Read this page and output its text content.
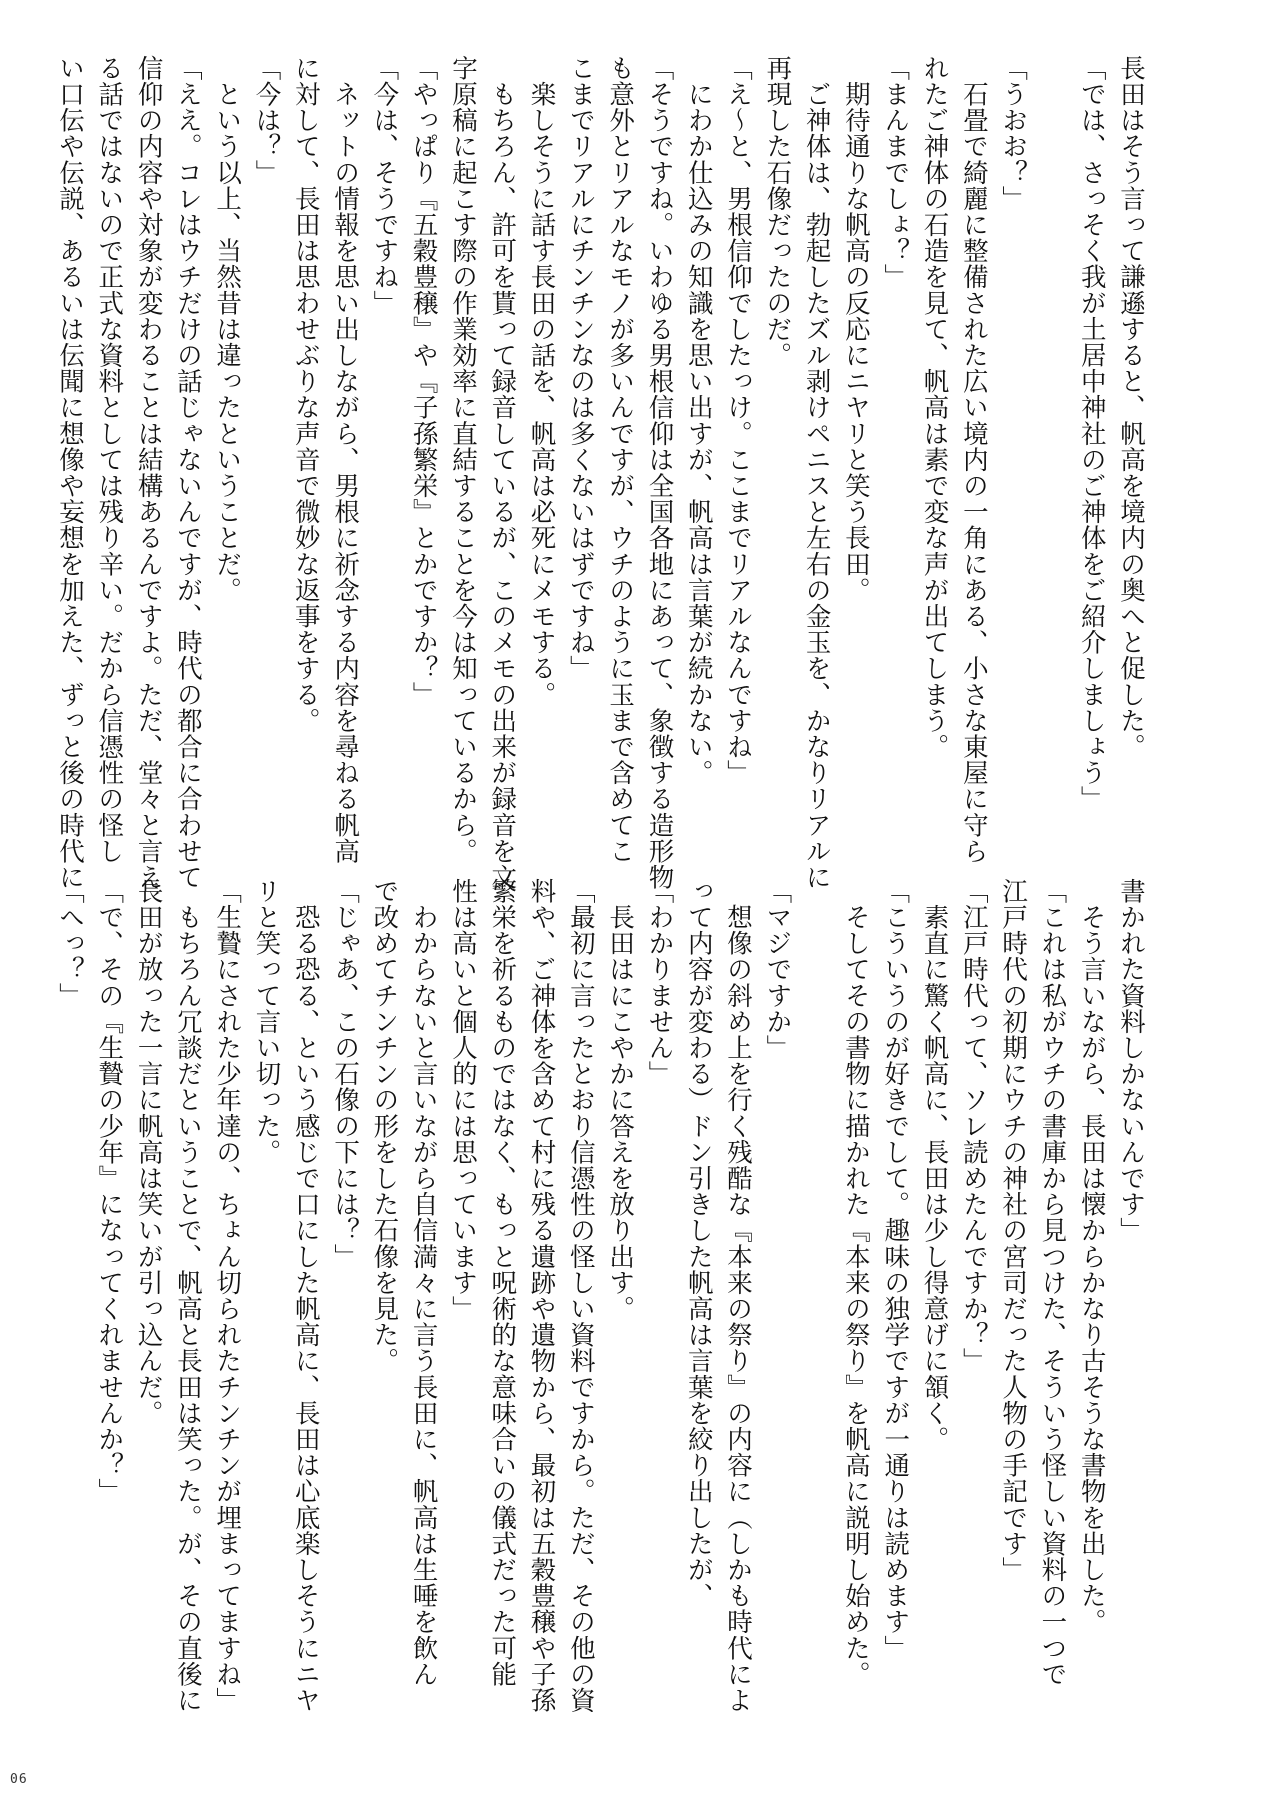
長田はそう言って謙遜すると、帆高を境内の奥へと促した。

「では、さっそく我が土居中神社のご神体をご紹介しましょう」

「うおお？」

　石畳で綺麗に整備された広い境内の一角にある、小さな東屋に守ら

れたご神体の石造を見て、帆高は素で変な声が出てしまう。

「まんまでしょ？」

　期待通りな帆高の反応にニヤリと笑う長田。

　ご神体は、勃起したズル剥けペニスと左右の金玉を、かなりリアルに

再現した石像だったのだ。

「え～と、男根信仰でしたっけ。ここまでリアルなんですね」

　にわか仕込みの知識を思い出すが、帆高は言葉が続かない。

「そうですね。いわゆる男根信仰は全国各地にあって、象徴する造形物

も意外とリアルなモノが多いんですが、ウチのように玉まで含めてこ

こまでリアルにチンチンなのは多くないはずですね」

　楽しそうに話す長田の話を、帆高は必死にメモする。

　もちろん、許可を貰って録音しているが、このメモの出来が録音を文

字原稿に起こす際の作業効率に直結することを今は知っているから。

「やっぱり『五穀豊穣』や『子孫繁栄』とかですか？」

「今は、そうですね」

　ネットの情報を思い出しながら、男根に祈念する内容を尋ねる帆高

に対して、長田は思わせぶりな声音で微妙な返事をする。

「今は？」

　という以上、当然昔は違ったということだ。

「ええ。コレはウチだけの話じゃないんですが、時代の都合に合わせて

信仰の内容や対象が変わることは結構あるんですよ。ただ、堂々と言え

る話ではないので正式な資料としては残り辛い。だから信憑性の怪し

い口伝や伝説、あるいは伝聞に想像や妄想を加えた、ずっと後の時代に

書かれた資料しかないんです」

　そう言いながら、長田は懐からかなり古そうな書物を出した。

「これは私がウチの書庫から見つけた、そういう怪しい資料の一つで

江戸時代の初期にウチの神社の宮司だった人物の手記です」

「江戸時代って、ソレ読めたんですか？」

　素直に驚く帆高に、長田は少し得意げに頷く。

「こういうのが好きでして。趣味の独学ですが一通りは読めます」

　そしてその書物に描かれた『本来の祭り』を帆高に説明し始めた。

「マジですか」

　想像の斜め上を行く残酷な『本来の祭り』の内容に（しかも時代によ

って内容が変わる）ドン引きした帆高は言葉を絞り出したが、

「わかりません」

　長田はにこやかに答えを放り出す。

「最初に言ったとおり信憑性の怪しい資料ですから。ただ、その他の資

料や、ご神体を含めて村に残る遺跡や遺物から、最初は五穀豊穣や子孫

繁栄を祈るものではなく、もっと呪術的な意味合いの儀式だった可能

性は高いと個人的には思っています」

　わからないと言いながら自信満々に言う長田に、帆高は生唾を飲ん

で改めてチンチンの形をした石像を見た。

「じゃあ、この石像の下には？」

　恐る恐る、という感じで口にした帆高に、長田は心底楽しそうにニヤ

リと笑って言い切った。

「生贄にされた少年達の、ちょん切られたチンチンが埋まってますね」

　もちろん冗談だということで、帆高と長田は笑った。が、その直後に

長田が放った一言に帆高は笑いが引っ込んだ。

「で、その『生贄の少年』になってくれませんか？」

「へっ？」

06
